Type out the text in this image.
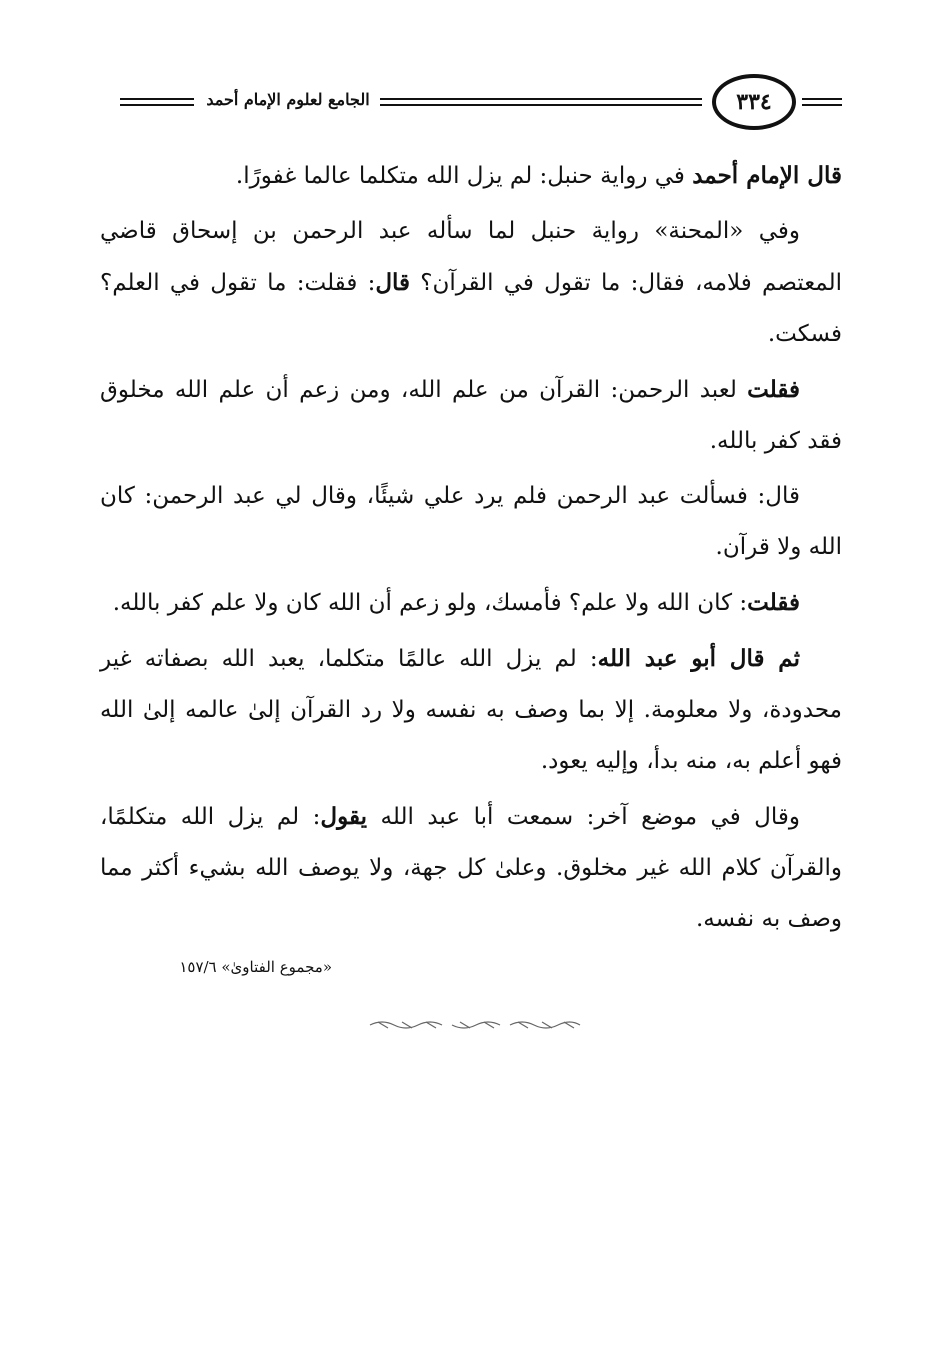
الجامع لعلوم الإمام أحمد	٣٣٤

قال الإمام أحمد في رواية حنبل: لم يزل الله متكلما عالما غفورًا.

وفي «المحنة» رواية حنبل لما سأله عبد الرحمن بن إسحاق قاضي المعتصم فلامه، فقال: ما تقول في القرآن؟ قال: فقلت: ما تقول في العلم؟ فسكت.

فقلت لعبد الرحمن: القرآن من علم الله، ومن زعم أن علم الله مخلوق فقد كفر بالله.

قال: فسألت عبد الرحمن فلم يرد علي شيئًا، وقال لي عبد الرحمن: كان الله ولا قرآن.

فقلت: كان الله ولا علم؟ فأمسك، ولو زعم أن الله كان ولا علم كفر بالله.

ثم قال أبو عبد الله: لم يزل الله عالمًا متكلما، يعبد الله بصفاته غير محدودة، ولا معلومة. إلا بما وصف به نفسه ولا رد القرآن إلىٰ عالمه إلىٰ الله فهو أعلم به، منه بدأ، وإليه يعود.

وقال في موضع آخر: سمعت أبا عبد الله يقول: لم يزل الله متكلمًا، والقرآن كلام الله غير مخلوق. وعلىٰ كل جهة، ولا يوصف الله بشيء أكثر مما وصف به نفسه.

«مجموع الفتاوىٰ» ١٥٧/٦
